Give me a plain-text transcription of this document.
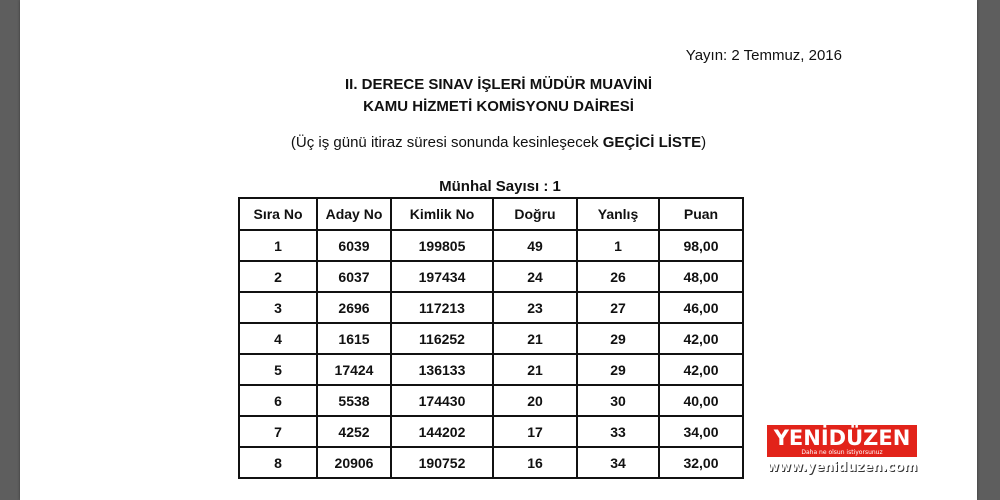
Yayın: 2 Temmuz, 2016
II. DERECE SINAV İŞLERİ MÜDÜR MUAVİNİ
KAMU HİZMETİ KOMİSYONU DAİRESİ
(Üç iş günü itiraz süresi sonunda kesinleşecek GEÇİCİ LİSTE)
Münhal Sayısı : 1
Sıra No	Aday No	Kimlik No	Doğru	Yanlış	Puan
1	6039	199805	49	1	98,00
2	6037	197434	24	26	48,00
3	2696	117213	23	27	46,00
4	1615	116252	21	29	42,00
5	17424	136133	21	29	42,00
6	5538	174430	20	30	40,00
7	4252	144202	17	33	34,00
8	20906	190752	16	34	32,00
YENİDÜZEN
Daha ne olsun istiyorsunuz
www.yeniduzen.com
